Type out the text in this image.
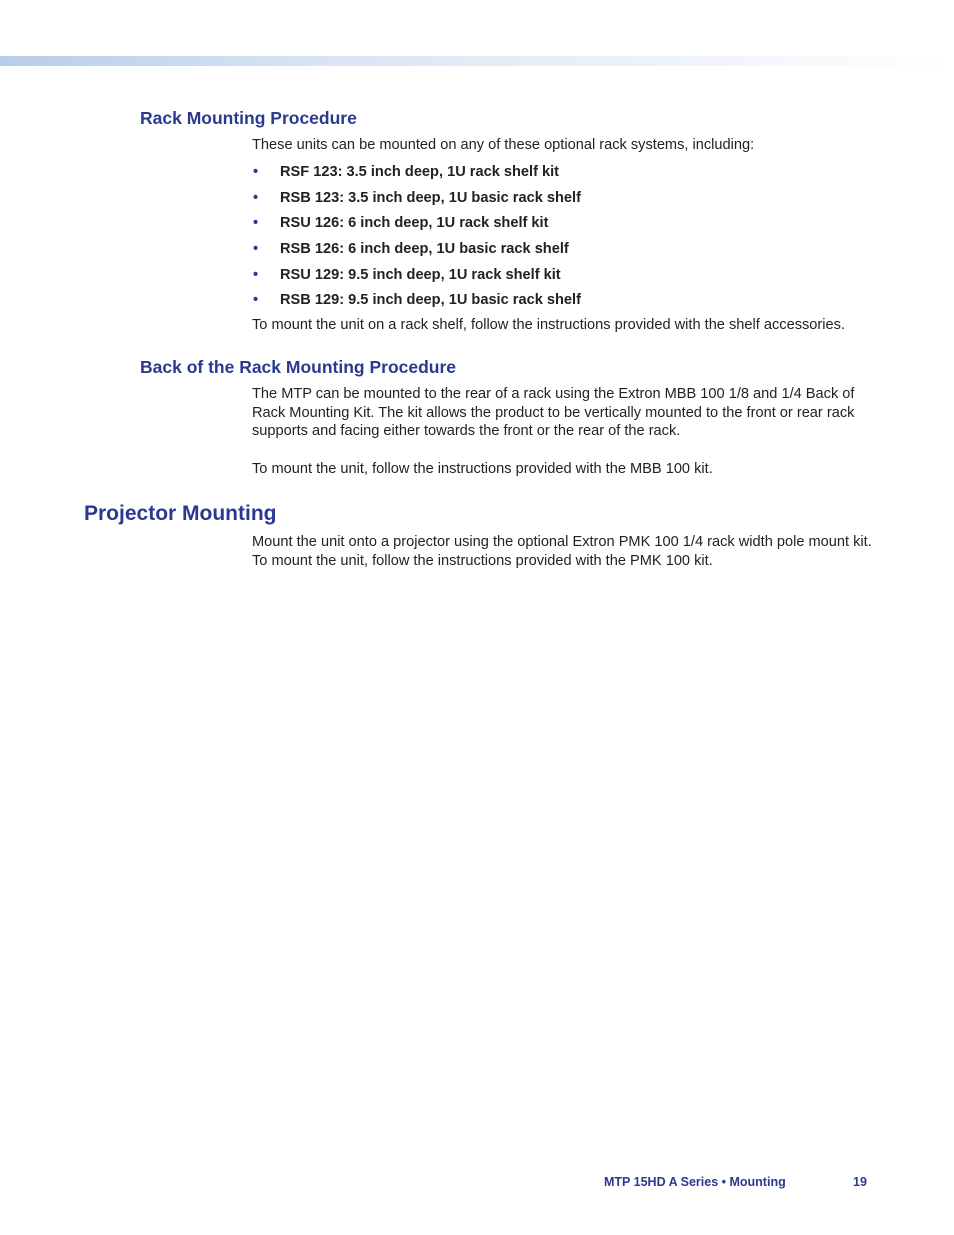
Rack Mounting Procedure

These units can be mounted on any of these optional rack systems, including:

• RSF 123: 3.5 inch deep, 1U rack shelf kit
• RSB 123: 3.5 inch deep, 1U basic rack shelf
• RSU 126: 6 inch deep, 1U rack shelf kit
• RSB 126: 6 inch deep, 1U basic rack shelf
• RSU 129: 9.5 inch deep, 1U rack shelf kit
• RSB 129: 9.5 inch deep, 1U basic rack shelf

To mount the unit on a rack shelf, follow the instructions provided with the shelf accessories.

Back of the Rack Mounting Procedure

The MTP can be mounted to the rear of a rack using the Extron MBB 100 1/8 and 1/4 Back of Rack Mounting Kit. The kit allows the product to be vertically mounted to the front or rear rack supports and facing either towards the front or the rear of the rack.

To mount the unit, follow the instructions provided with the MBB 100 kit.

Projector Mounting

Mount the unit onto a projector using the optional Extron PMK 100 1/4 rack width pole mount kit. To mount the unit, follow the instructions provided with the PMK 100 kit.

MTP 15HD A Series • Mounting	19
